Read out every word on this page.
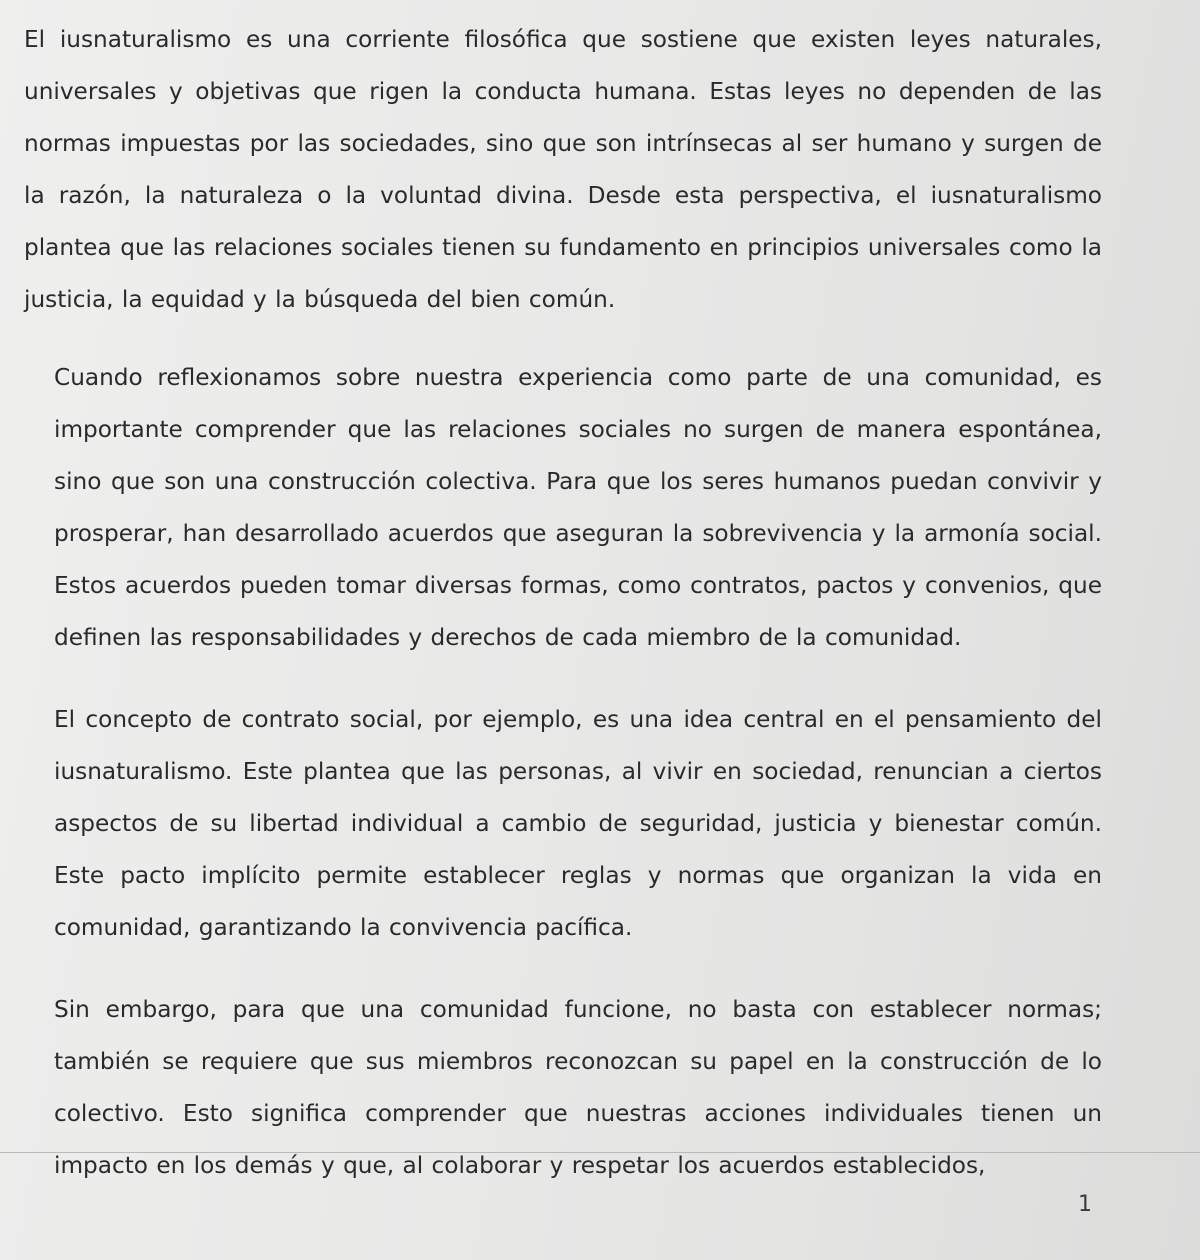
El iusnaturalismo es una corriente filosófica que sostiene que existen leyes naturales, universales y objetivas que rigen la conducta humana. Estas leyes no dependen de las normas impuestas por las sociedades, sino que son intrínsecas al ser humano y surgen de la razón, la naturaleza o la voluntad divina. Desde esta perspectiva, el iusnaturalismo plantea que las relaciones sociales tienen su fundamento en principios universales como la justicia, la equidad y la búsqueda del bien común.

Cuando reflexionamos sobre nuestra experiencia como parte de una comunidad, es importante comprender que las relaciones sociales no surgen de manera espontánea, sino que son una construcción colectiva. Para que los seres humanos puedan convivir y prosperar, han desarrollado acuerdos que aseguran la sobrevivencia y la armonía social. Estos acuerdos pueden tomar diversas formas, como contratos, pactos y convenios, que definen las responsabilidades y derechos de cada miembro de la comunidad.

El concepto de contrato social, por ejemplo, es una idea central en el pensamiento del iusnaturalismo. Este plantea que las personas, al vivir en sociedad, renuncian a ciertos aspectos de su libertad individual a cambio de seguridad, justicia y bienestar común. Este pacto implícito permite establecer reglas y normas que organizan la vida en comunidad, garantizando la convivencia pacífica.

Sin embargo, para que una comunidad funcione, no basta con establecer normas; también se requiere que sus miembros reconozcan su papel en la construcción de lo colectivo. Esto significa comprender que nuestras acciones individuales tienen un impacto en los demás y que, al colaborar y respetar los acuerdos establecidos,

1
